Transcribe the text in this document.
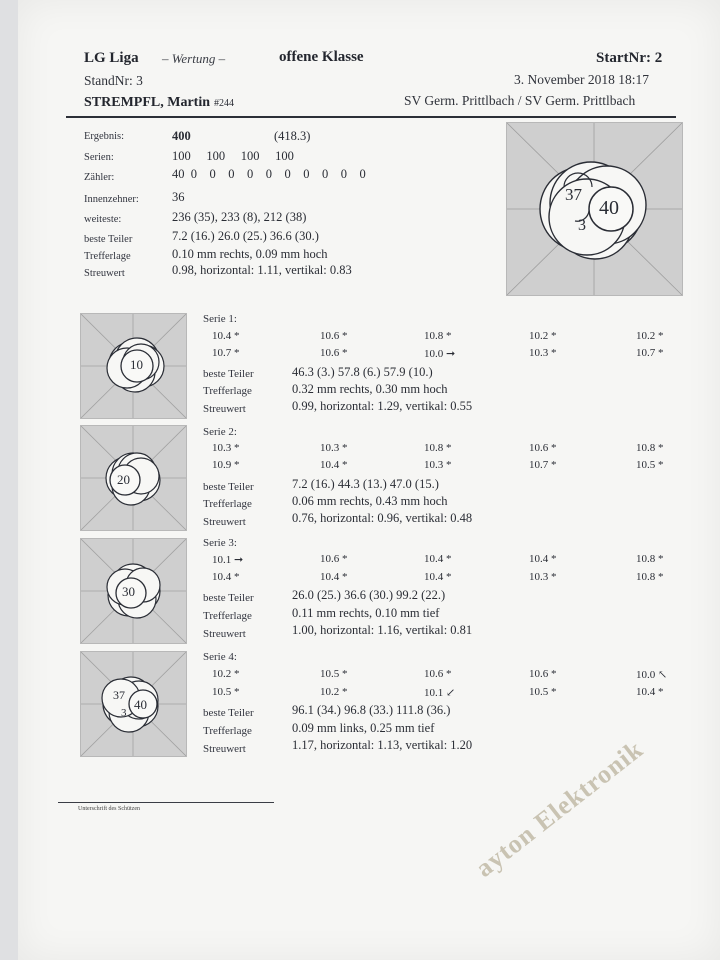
LG Liga – Wertung –	offene Klasse	StartNr: 2
StandNr: 3	3. November 2018 18:17
STREMPFL, Martin #244	SV Germ. Prittlbach / SV Germ. Prittlbach
Ergebnis:	400	(418.3)
Serien:	100     100     100     100
Zähler:	40  0    0    0    0    0    0    0    0    0    0
Innenzehner:	36
weiteste:	236 (35), 233 (8), 212 (38)
beste Teiler	7.2 (16.) 26.0 (25.) 36.6 (30.)
Trefferlage	0.10 mm rechts, 0.09 mm hoch
Streuwert	0.98, horizontal: 1.11, vertikal: 0.83
37
40
3
10
Serie 1:
10.4 *	10.6 *	10.8 *	10.2 *	10.2 *
10.7 *	10.6 *	10.0 ➞	10.3 *	10.7 *
beste Teiler	46.3 (3.) 57.8 (6.) 57.9 (10.)
Trefferlage	0.32 mm rechts, 0.30 mm hoch
Streuwert	0.99, horizontal: 1.29, vertikal: 0.55
20
Serie 2:
10.3 *	10.3 *	10.8 *	10.6 *	10.8 *
10.9 *	10.4 *	10.3 *	10.7 *	10.5 *
beste Teiler	7.2 (16.) 44.3 (13.) 47.0 (15.)
Trefferlage	0.06 mm rechts, 0.43 mm hoch
Streuwert	0.76, horizontal: 0.96, vertikal: 0.48
30
Serie 3:
10.1 ➞	10.6 *	10.4 *	10.4 *	10.8 *
10.4 *	10.4 *	10.4 *	10.3 *	10.8 *
beste Teiler	26.0 (25.) 36.6 (30.) 99.2 (22.)
Trefferlage	0.11 mm rechts, 0.10 mm tief
Streuwert	1.00, horizontal: 1.16, vertikal: 0.81
37
40
3
Serie 4:
10.2 *	10.5 *	10.6 *	10.6 *	10.0 ↖
10.5 *	10.2 *	10.1 ↙	10.5 *	10.4 *
beste Teiler	96.1 (34.) 96.8 (33.) 111.8 (36.)
Trefferlage	0.09 mm links, 0.25 mm tief
Streuwert	1.17, horizontal: 1.13, vertikal: 1.20
Unterschrift des Schützen	ayton Elektronik
